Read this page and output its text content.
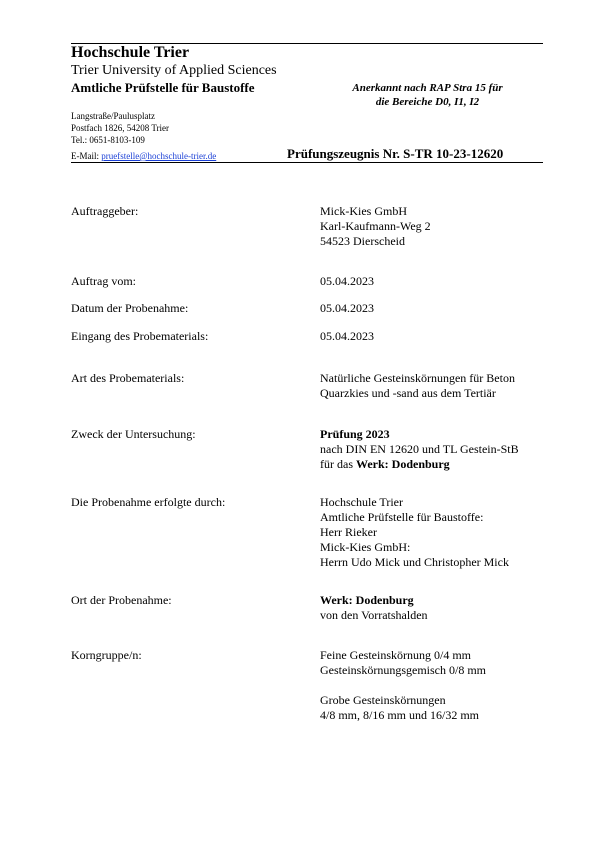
Hochschule Trier
Trier University of Applied Sciences
Amtliche Prüfstelle für Baustoffe	Anerkannt nach RAP Stra 15 für
die Bereiche D0, I1, I2
Langstraße/Paulusplatz
Postfach 1826, 54208 Trier
Tel.: 0651-8103-109
E-Mail: pruefstelle@hochschule-trier.de	Prüfungszeugnis Nr. S-TR 10-23-12620
Auftraggeber:	Mick-Kies GmbH
Karl-Kaufmann-Weg 2
54523 Dierscheid
Auftrag vom:	05.04.2023
Datum der Probenahme:	05.04.2023
Eingang des Probematerials:	05.04.2023
Art des Probematerials:	Natürliche Gesteinskörnungen für Beton
Quarzkies und -sand aus dem Tertiär
Zweck der Untersuchung:	Prüfung 2023
nach DIN EN 12620 und TL Gestein-StB
für das Werk: Dodenburg
Die Probenahme erfolgte durch:	Hochschule Trier
Amtliche Prüfstelle für Baustoffe:
Herr Rieker
Mick-Kies GmbH:
Herrn Udo Mick und Christopher Mick
Ort der Probenahme:	Werk: Dodenburg
von den Vorratshalden
Korngruppe/n:	Feine Gesteinskörnung 0/4 mm
Gesteinskörnungsgemisch 0/8 mm
Grobe Gesteinskörnungen
4/8 mm, 8/16 mm und 16/32 mm
